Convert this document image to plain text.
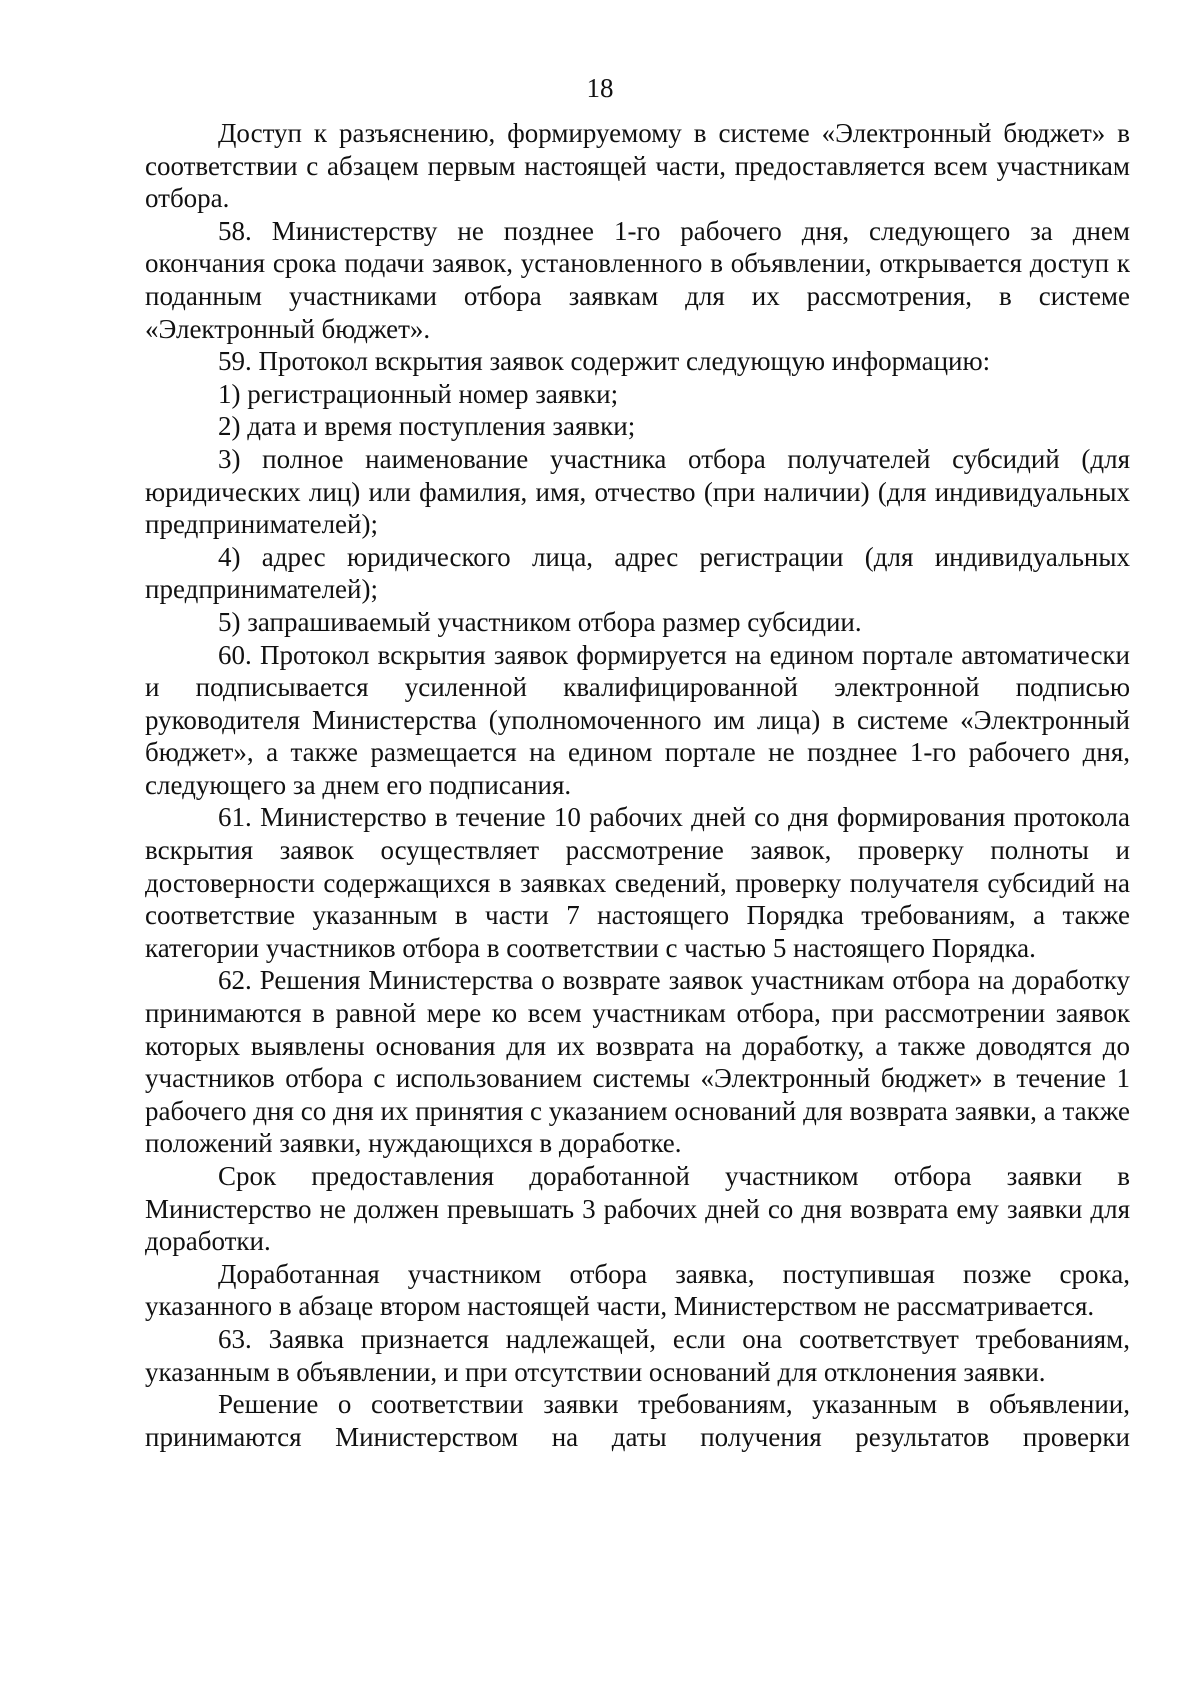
18

Доступ к разъяснению, формируемому в системе «Электронный бюджет» в соответствии с абзацем первым настоящей части, предоставляется всем участникам отбора.

58. Министерству не позднее 1-го рабочего дня, следующего за днем окончания срока подачи заявок, установленного в объявлении, открывается доступ к поданным участниками отбора заявкам для их рассмотрения, в системе «Электронный бюджет».

59. Протокол вскрытия заявок содержит следующую информацию:

1) регистрационный номер заявки;

2) дата и время поступления заявки;

3) полное наименование участника отбора получателей субсидий (для юридических лиц) или фамилия, имя, отчество (при наличии) (для индивидуальных предпринимателей);

4) адрес юридического лица, адрес регистрации (для индивидуальных предпринимателей);

5) запрашиваемый участником отбора размер субсидии.

60. Протокол вскрытия заявок формируется на едином портале автоматически и подписывается усиленной квалифицированной электронной подписью руководителя Министерства (уполномоченного им лица) в системе «Электронный бюджет», а также размещается на едином портале не позднее 1-го рабочего дня, следующего за днем его подписания.

61. Министерство в течение 10 рабочих дней со дня формирования протокола вскрытия заявок осуществляет рассмотрение заявок, проверку полноты и достоверности содержащихся в заявках сведений, проверку получателя субсидий на соответствие указанным в части 7 настоящего Порядка требованиям, а также категории участников отбора в соответствии с частью 5 настоящего Порядка.

62. Решения Министерства о возврате заявок участникам отбора на доработку принимаются в равной мере ко всем участникам отбора, при рассмотрении заявок которых выявлены основания для их возврата на доработку, а также доводятся до участников отбора с использованием системы «Электронный бюджет» в течение 1 рабочего дня со дня их принятия с указанием оснований для возврата заявки, а также положений заявки, нуждающихся в доработке.

Срок предоставления доработанной участником отбора заявки в Министерство не должен превышать 3 рабочих дней со дня возврата ему заявки для доработки.

Доработанная участником отбора заявка, поступившая позже срока, указанного в абзаце втором настоящей части, Министерством не рассматривается.

63. Заявка признается надлежащей, если она соответствует требованиям, указанным в объявлении, и при отсутствии оснований для отклонения заявки.

Решение о соответствии заявки требованиям, указанным в объявлении, принимаются Министерством на даты получения результатов проверки
